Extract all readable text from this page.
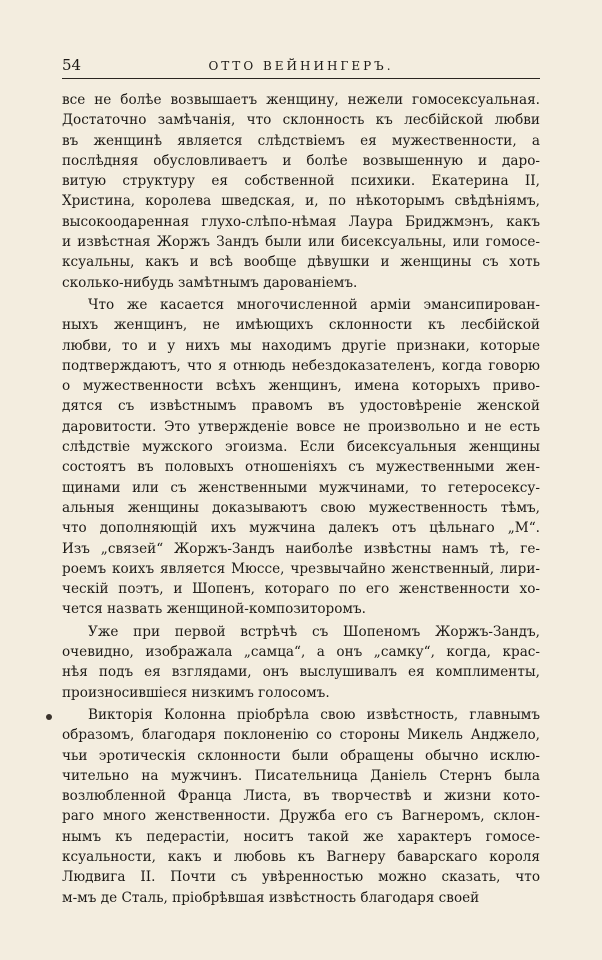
54	ОТТО ВЕЙНИНГЕРЪ.
все не болѣе возвышаетъ женщину, нежели гомосексуальная.
Достаточно замѣчанія, что склонность къ лесбійской любви
въ женщинѣ является слѣдствіемъ ея мужественности, а
послѣдняя обусловливаетъ и болѣе возвышенную и даро-
витую структуру ея собственной психики. Екатерина II,
Христина, королева шведская, и, по нѣкоторымъ свѣдѣніямъ,
высокоодаренная глухо-слѣпо-нѣмая Лаура Бриджмэнъ, какъ
и извѣстная Жоржъ Зандъ были или бисексуальны, или гомосе-
ксуальны, какъ и всѣ вообще дѣвушки и женщины съ хоть
сколько-нибудь замѣтнымъ дарованіемъ.
Что же касается многочисленной арміи эмансипирован-
ныхъ женщинъ, не имѣющихъ склонности къ лесбійской
любви, то и у нихъ мы находимъ другіе признаки, которые
подтверждаютъ, что я отнюдь небездоказателенъ, когда говорю
о мужественности всѣхъ женщинъ, имена которыхъ приво-
дятся съ извѣстнымъ правомъ въ удостовѣреніе женской
даровитости. Это утвержденіе вовсе не произвольно и не есть
слѣдствіе мужского эгоизма. Если бисексуальныя женщины
состоятъ въ половыхъ отношеніяхъ съ мужественными жен-
щинами или съ женственными мужчинами, то гетеросексу-
альныя женщины доказываютъ свою мужественность тѣмъ,
что дополняющій ихъ мужчина далекъ отъ цѣльнаго „М“.
Изъ „связей“ Жоржъ-Зандъ наиболѣе извѣстны намъ тѣ, ге-
роемъ коихъ является Мюссе, чрезвычайно женственный, лири-
ческій поэтъ, и Шопенъ, котораго по его женственности хо-
чется назвать женщиной-композиторомъ.
Уже при первой встрѣчѣ съ Шопеномъ Жоржъ-Зандъ,
очевидно, изображала „самца“, а онъ „самку“, когда, крас-
нѣя подъ ея взглядами, онъ выслушивалъ ея комплименты,
произносившіеся низкимъ голосомъ.
Викторія Колонна пріобрѣла свою извѣстность, главнымъ
образомъ, благодаря поклоненію со стороны Микель Анджело,
чьи эротическія склонности были обращены обычно исклю-
чительно на мужчинъ. Писательница Даніель Стернъ была
возлюбленной Франца Листа, въ творчествѣ и жизни кото-
раго много женственности. Дружба его съ Вагнеромъ, склон-
нымъ къ педерастіи, носитъ такой же характеръ гомосе-
ксуальности, какъ и любовь къ Вагнеру баварскаго короля
Людвига II. Почти съ увѣренностью можно сказать, что
м-мъ де Сталь, пріобрѣвшая извѣстность благодаря своей
